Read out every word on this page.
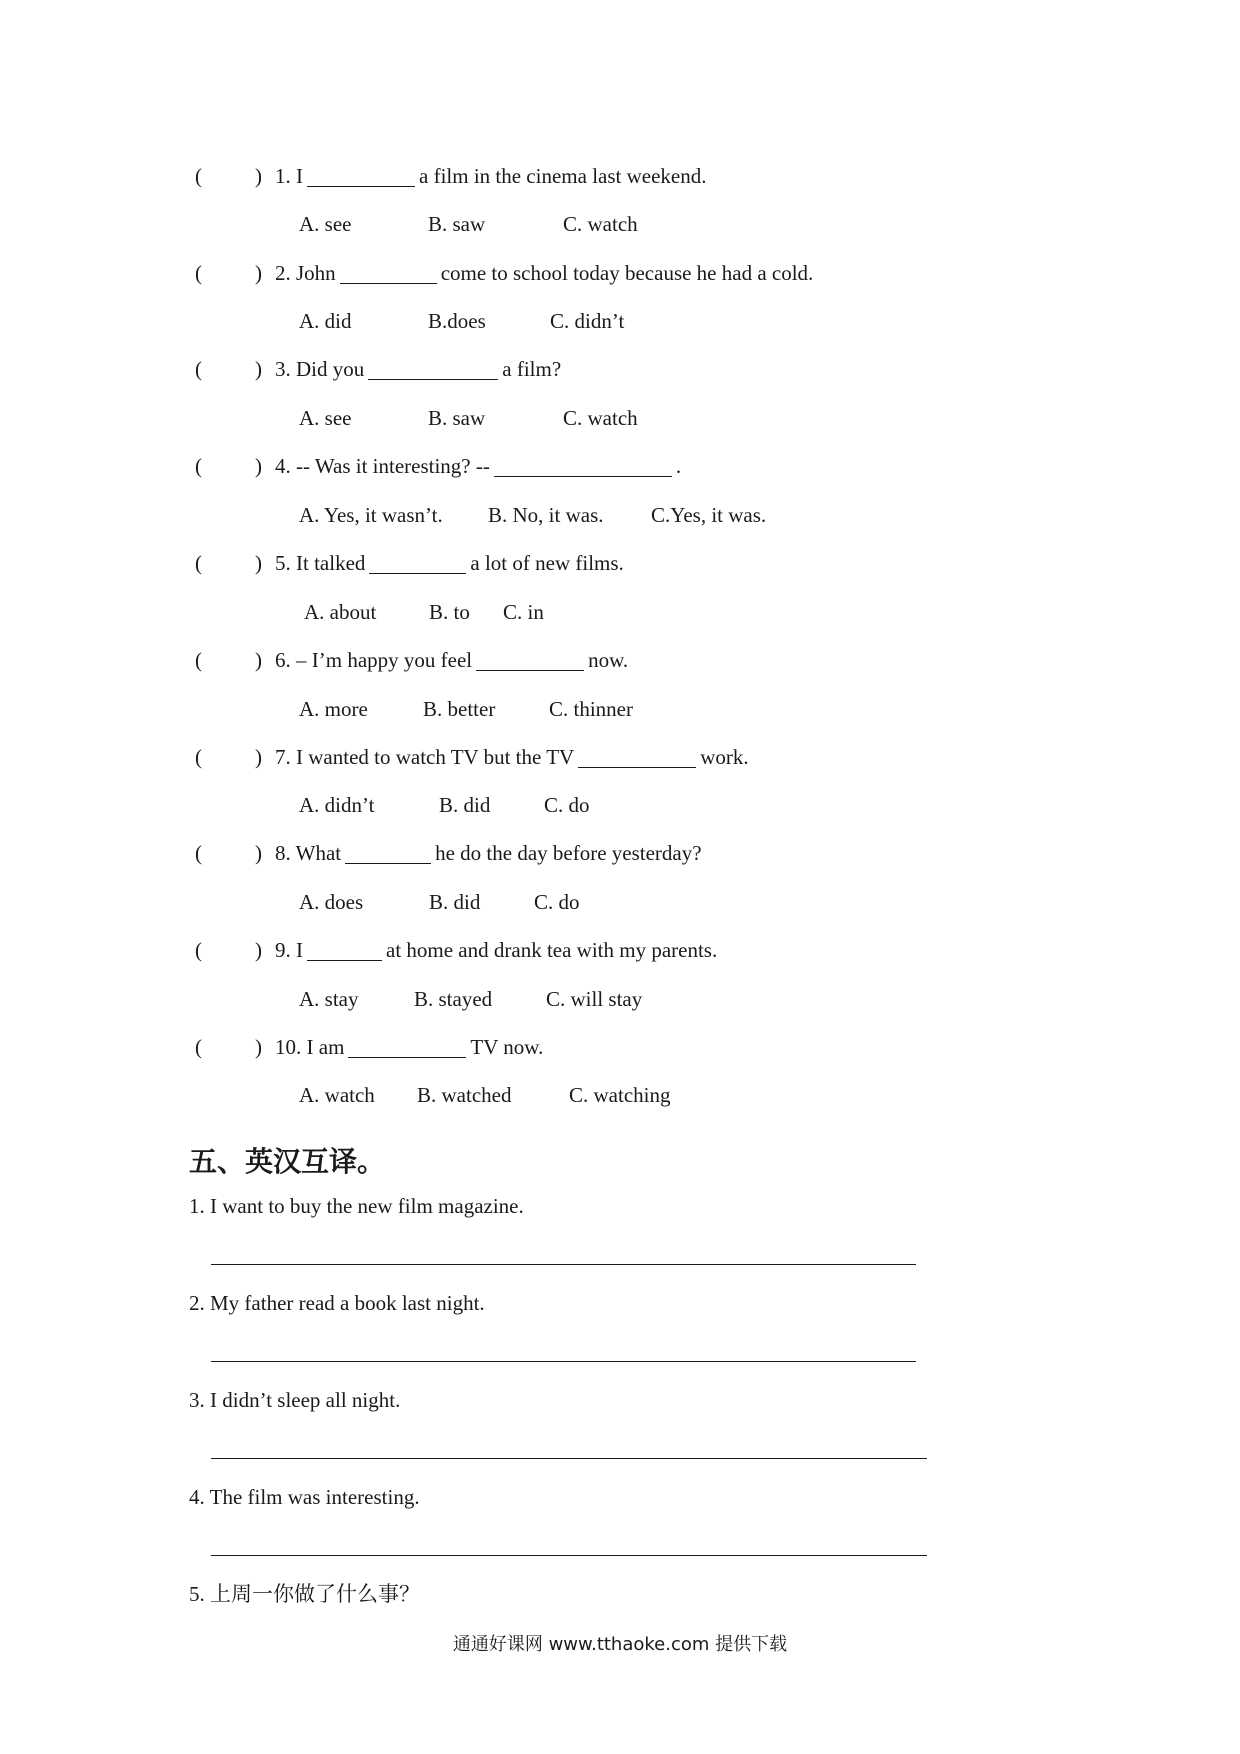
(	) 1. I	a film in the cinema last weekend.
A. see	B. saw	C. watch
(	) 2. John	come to school today because he had a cold.
A. did	B.does	C. didn’t
(	) 3. Did you	a film?
A. see	B. saw	C. watch
(	) 4. -- Was it interesting? --	.
A. Yes, it wasn’t. B. No, it was. C.Yes, it was.
(	) 5. It talked	a lot of new films.
A. about	B. to C. in
(	) 6. – I’m happy you feel	now.
A. more	B. better	C. thinner
(	) 7. I wanted to watch TV but the TV	work.
A. didn’t	B. did	C. do
(	) 8. What	he do the day before yesterday?
A. does	B. did	C. do
(	) 9. I	at home and drank tea with my parents.
A. stay	B. stayed	C. will stay
(	) 10. I am	TV now.
A. watch B. watched	C. watching
五、英汉互译。
1. I want to buy the new film magazine.
2. My father read a book last night.
3. I didn’t sleep all night.
4. The film was interesting.
5. 上周一你做了什么事？
通通好课网 www.tthaoke.com 提供下载
